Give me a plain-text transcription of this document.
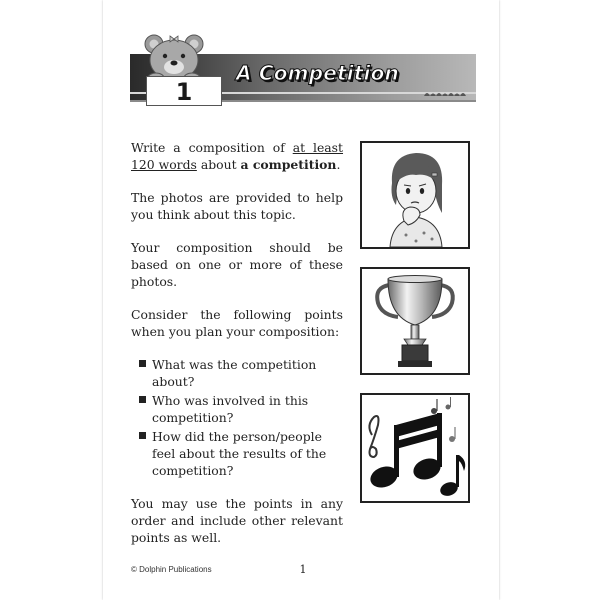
1
A Competition

Write a composition of at least 120 words about a competition.

The photos are provided to help you think about this topic.

Your composition should be based on one or more of these photos.

Consider the following points when you plan your composition:

What was the competition about?
Who was involved in this competition?
How did the person/people feel about the results of the competition?

You may use the points in any order and include other relevant points as well.

© Dolphin Publications	1
